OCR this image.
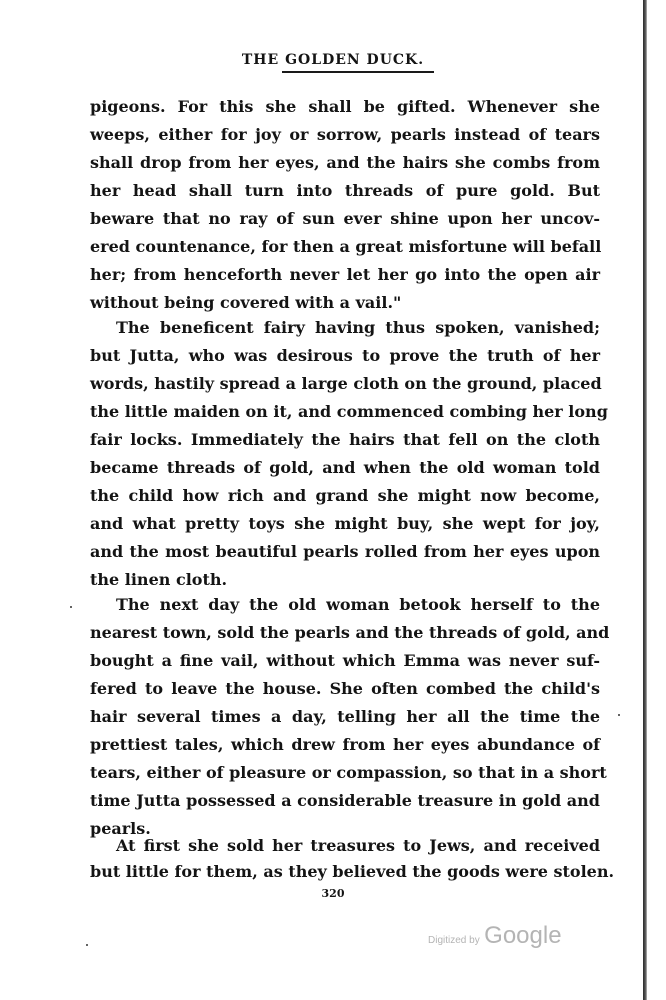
THE GOLDEN DUCK.
pigeons. For this she shall be gifted. Whenever she
weeps, either for joy or sorrow, pearls instead of tears
shall drop from her eyes, and the hairs she combs from
her head shall turn into threads of pure gold. But
beware that no ray of sun ever shine upon her uncov-
ered countenance, for then a great misfortune will befall
her; from henceforth never let her go into the open air
without being covered with a vail."
The beneficent fairy having thus spoken, vanished;
but Jutta, who was desirous to prove the truth of her
words, hastily spread a large cloth on the ground, placed
the little maiden on it, and commenced combing her long
fair locks. Immediately the hairs that fell on the cloth
became threads of gold, and when the old woman told
the child how rich and grand she might now become,
and what pretty toys she might buy, she wept for joy,
and the most beautiful pearls rolled from her eyes upon
the linen cloth.
The next day the old woman betook herself to the
nearest town, sold the pearls and the threads of gold, and
bought a fine vail, without which Emma was never suf-
fered to leave the house. She often combed the child's
hair several times a day, telling her all the time the
prettiest tales, which drew from her eyes abundance of
tears, either of pleasure or compassion, so that in a short
time Jutta possessed a considerable treasure in gold and
pearls.
At first she sold her treasures to Jews, and received
but little for them, as they believed the goods were stolen.
320
Digitized by Google
